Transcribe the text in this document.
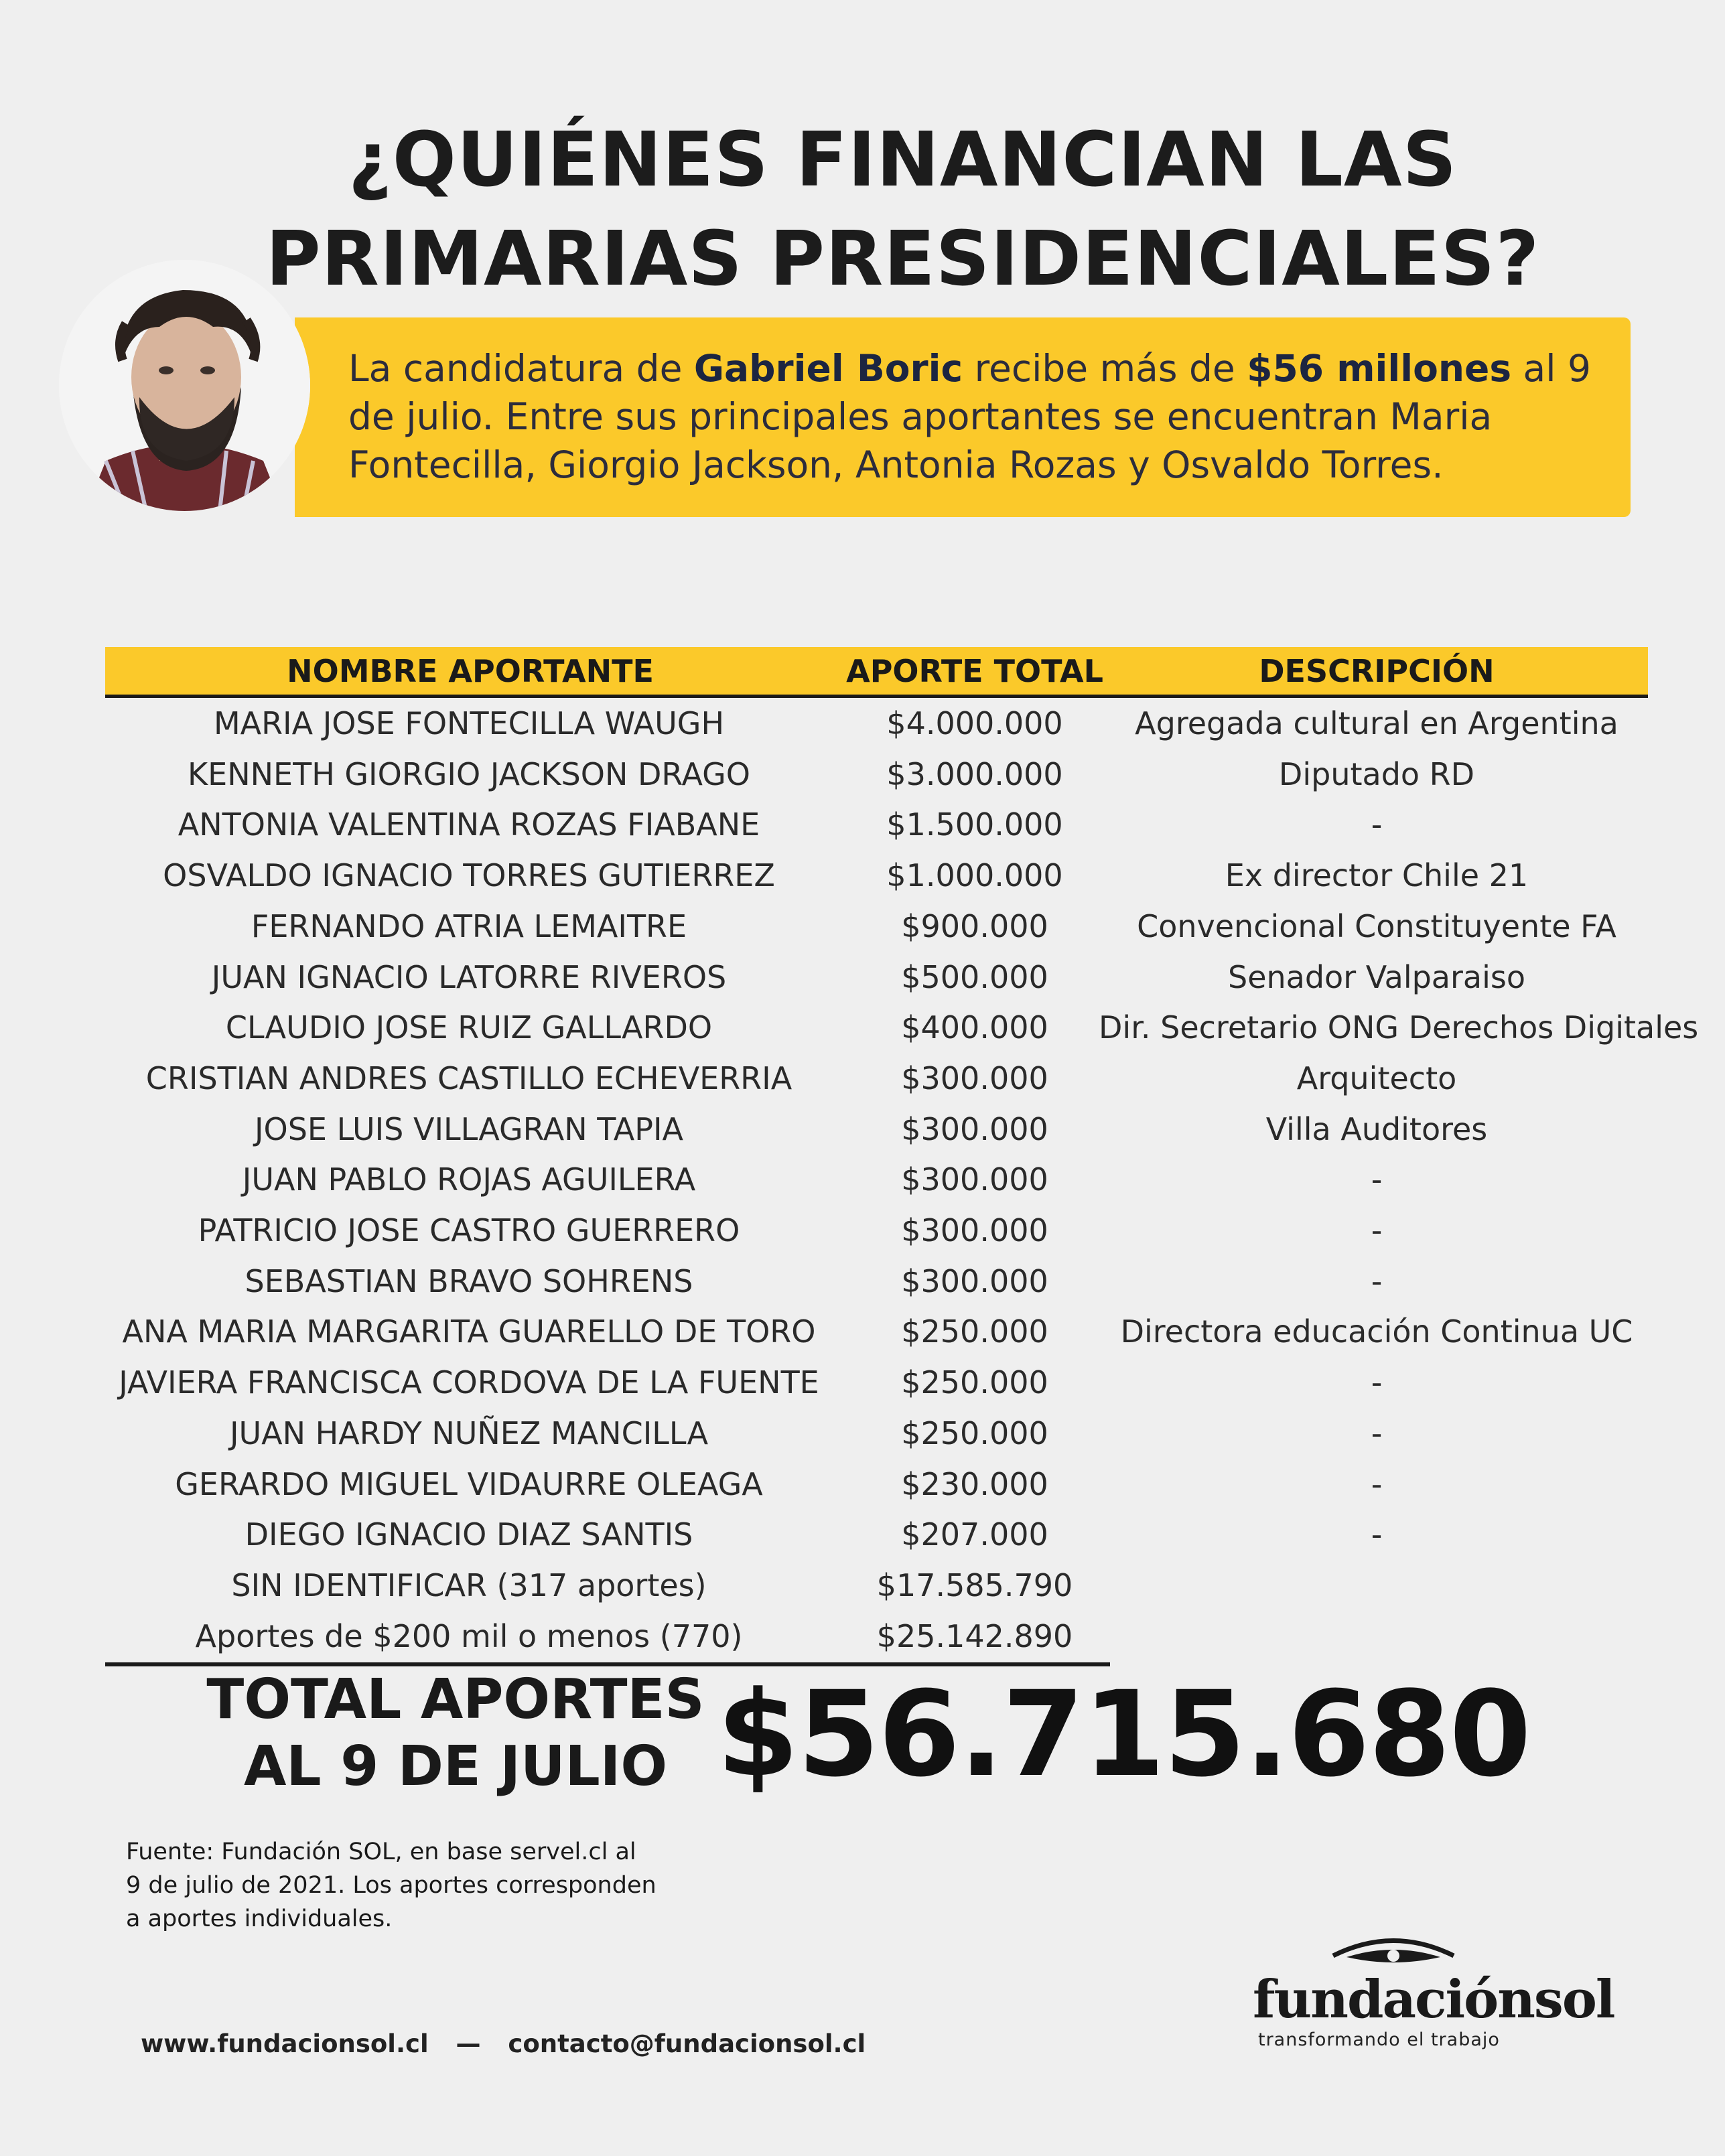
¿QUIÉNES FINANCIAN LAS
PRIMARIAS PRESIDENCIALES?
La candidatura de Gabriel Boric recibe más de $56 millones al 9 de julio. Entre sus principales aportantes se encuentran Maria Fontecilla, Giorgio Jackson, Antonia Rozas y Osvaldo Torres.
NOMBRE APORTANTE	APORTE TOTAL	DESCRIPCIÓN
MARIA JOSE FONTECILLA WAUGH	$4.000.000	Agregada cultural en Argentina
KENNETH GIORGIO JACKSON DRAGO	$3.000.000	Diputado RD
ANTONIA VALENTINA ROZAS FIABANE	$1.500.000	-
OSVALDO IGNACIO TORRES GUTIERREZ	$1.000.000	Ex director Chile 21
FERNANDO ATRIA LEMAITRE	$900.000	Convencional Constituyente FA
JUAN IGNACIO LATORRE RIVEROS	$500.000	Senador Valparaiso
CLAUDIO JOSE RUIZ GALLARDO	$400.000	Dir. Secretario ONG Derechos Digitales
CRISTIAN ANDRES CASTILLO ECHEVERRIA	$300.000	Arquitecto
JOSE LUIS VILLAGRAN TAPIA	$300.000	Villa Auditores
JUAN PABLO ROJAS AGUILERA	$300.000	-
PATRICIO JOSE CASTRO GUERRERO	$300.000	-
SEBASTIAN BRAVO SOHRENS	$300.000	-
ANA MARIA MARGARITA GUARELLO DE TORO	$250.000	Directora educación Continua UC
JAVIERA FRANCISCA CORDOVA DE LA FUENTE	$250.000	-
JUAN HARDY NUÑEZ MANCILLA	$250.000	-
GERARDO MIGUEL VIDAURRE OLEAGA	$230.000	-
DIEGO IGNACIO DIAZ SANTIS	$207.000	-
SIN IDENTIFICAR (317 aportes)	$17.585.790
Aportes de $200 mil o menos (770)	$25.142.890
TOTAL APORTES
AL 9 DE JULIO $56.715.680
Fuente: Fundación SOL, en base servel.cl al
9 de julio de 2021. Los aportes corresponden
a aportes individuales.
fundaciónsol
transformando el trabajo
www.fundacionsol.cl — contacto@fundacionsol.cl
